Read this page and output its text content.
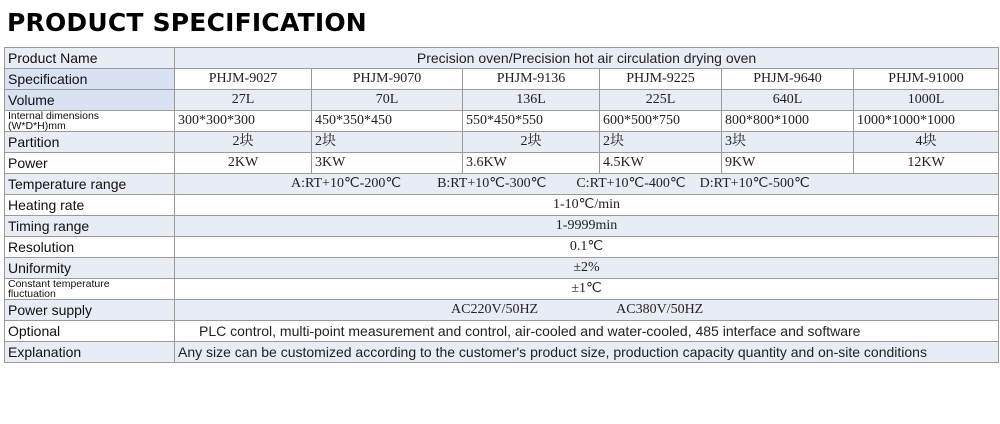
PRODUCT SPECIFICATION
Product Name	Precision oven/Precision hot air circulation drying oven					
Specification	PHJM-9027	PHJM-9070	PHJM-9136	PHJM-9225	PHJM-9640	PHJM-91000
Volume	27L	70L	136L	225L	640L	1000L

Internal dimensions
(W*D*H)mm	300*300*300	450*350*450	550*450*550	600*500*750	800*800*1000	1000*1000*1000
Partition	2块	2块	2块	2块	3块	4块
Power	2KW	3KW	3.6KW	4.5KW	9KW	12KW
Temperature range	A:RT+10℃-200℃ B:RT+10℃-300℃ C:RT+10℃-400℃ D:RT+10℃-500℃					
Heating rate	1-10℃/min					
Timing range	1-9999min					
Resolution	0.1℃					
Uniformity	±2%					

Constant temperature
fluctuation	±1℃					
Power supply	AC220V/50HZ AC380V/50HZ					
Optional	PLC control, multi-point measurement and control, air-cooled and water-cooled, 485 interface and software					
Explanation	Any size can be customized according to the customer's product size, production capacity quantity and on-site conditions					
